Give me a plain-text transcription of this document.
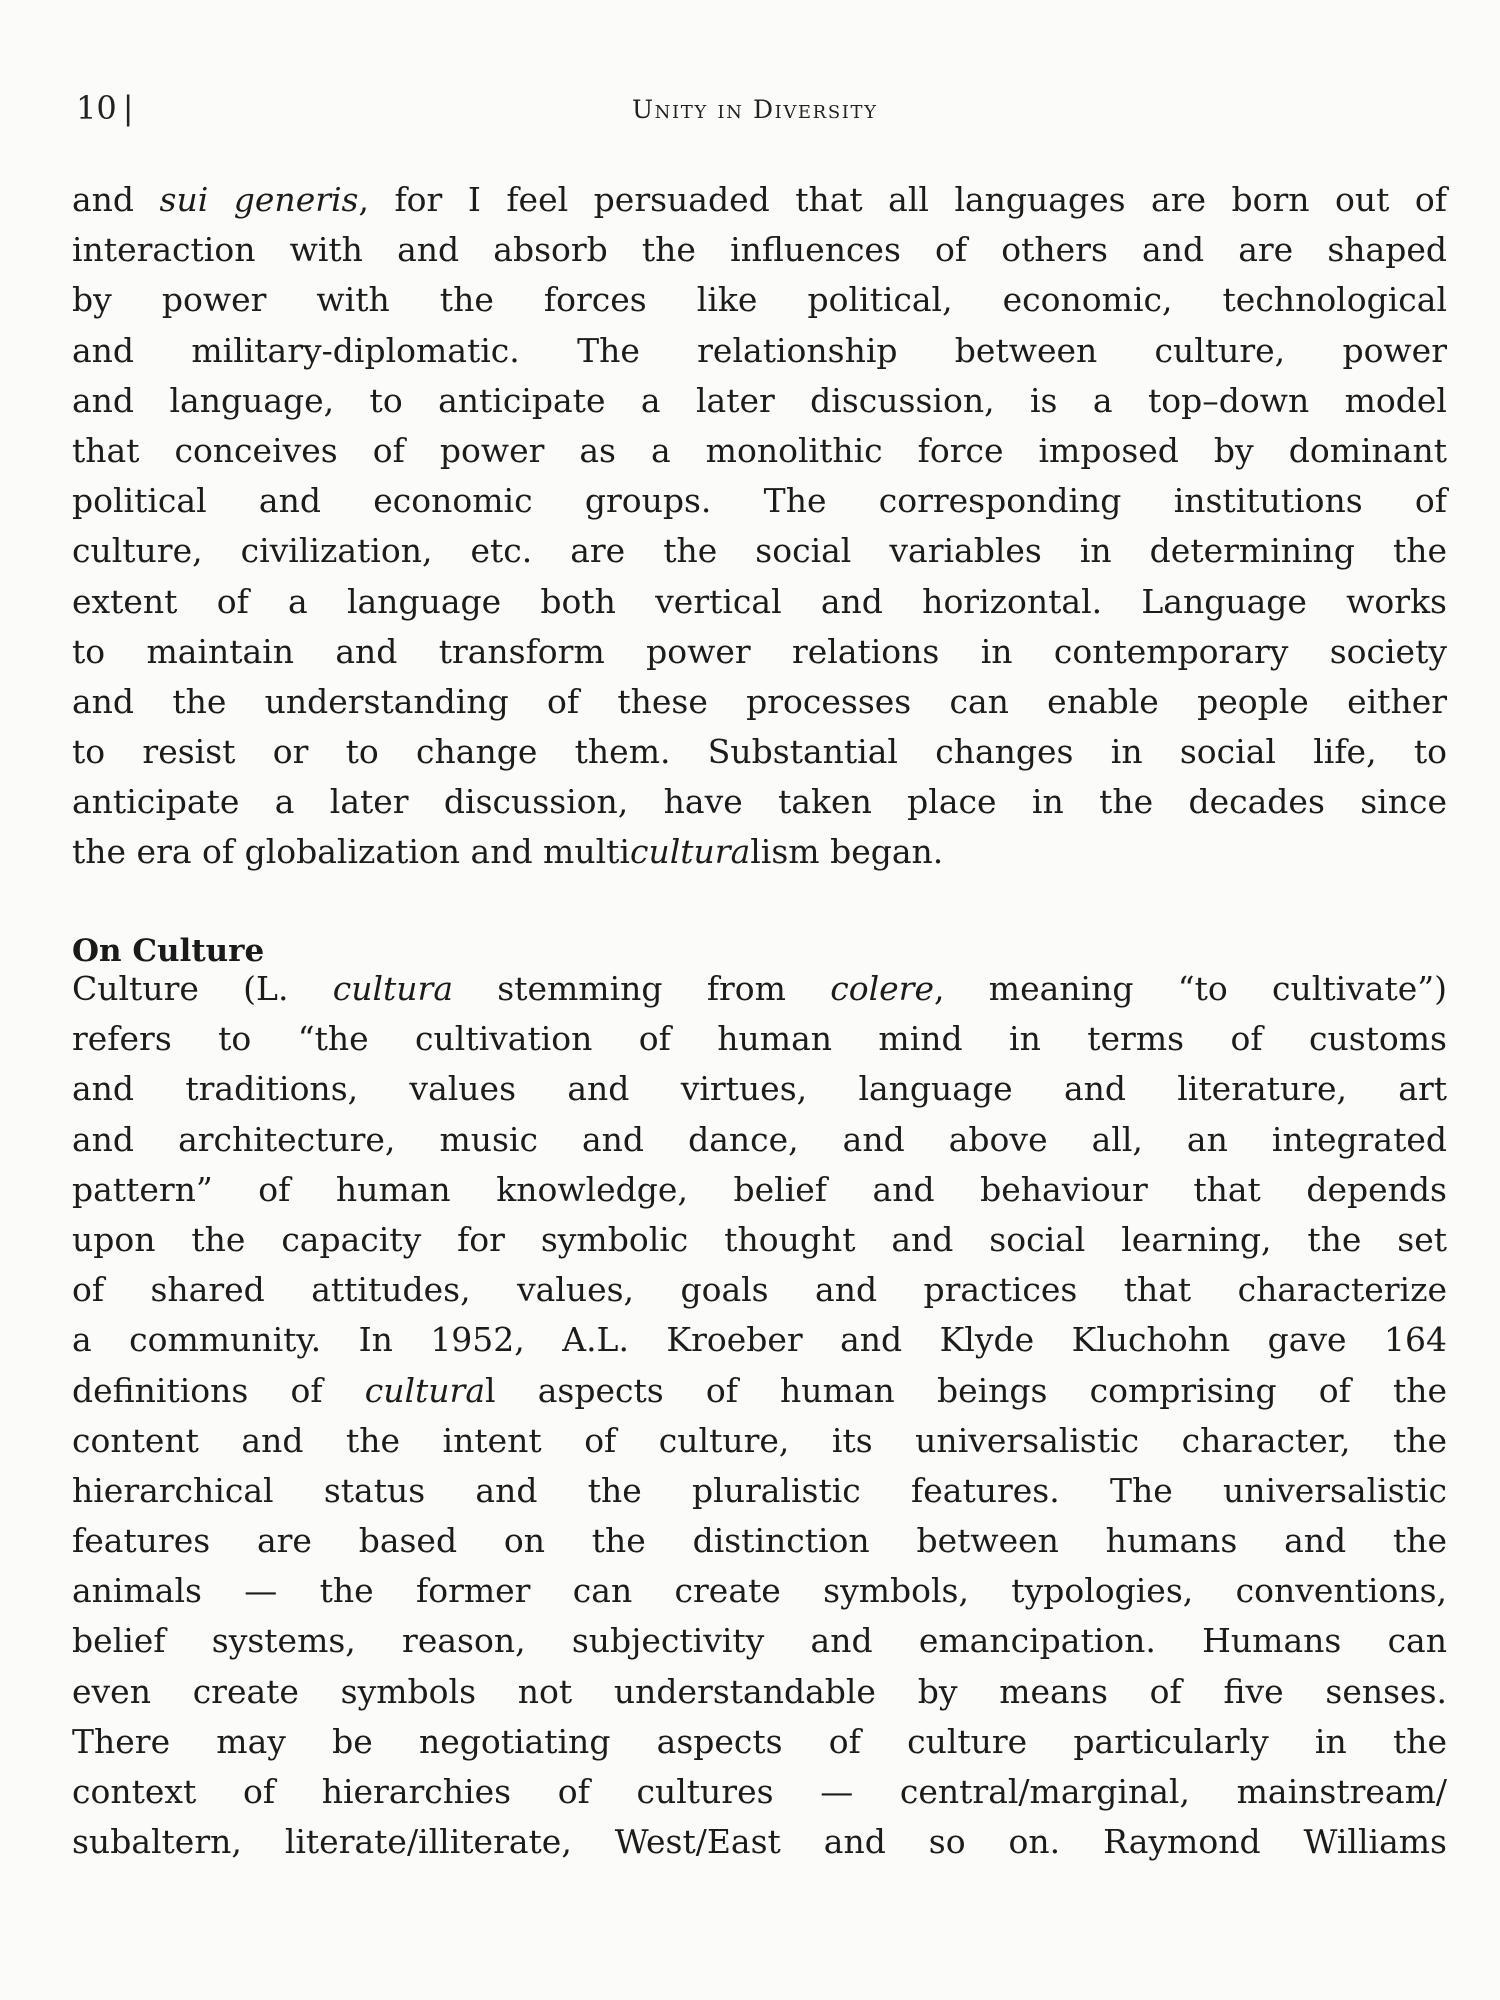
10 |	Unity in Diversity
and sui generis, for I feel persuaded that all languages are born out of
interaction with and absorb the influences of others and are shaped
by power with the forces like political, economic, technological
and military-diplomatic. The relationship between culture, power
and language, to anticipate a later discussion, is a top–down model
that conceives of power as a monolithic force imposed by dominant
political and economic groups. The corresponding institutions of
culture, civilization, etc. are the social variables in determining the
extent of a language both vertical and horizontal. Language works
to maintain and transform power relations in contemporary society
and the understanding of these processes can enable people either
to resist or to change them. Substantial changes in social life, to
anticipate a later discussion, have taken place in the decades since
the era of globalization and multiculturalism began.
On Culture
Culture (L. cultura stemming from colere, meaning “to cultivate”)
refers to “the cultivation of human mind in terms of customs
and traditions, values and virtues, language and literature, art
and architecture, music and dance, and above all, an integrated
pattern” of human knowledge, belief and behaviour that depends
upon the capacity for symbolic thought and social learning, the set
of shared attitudes, values, goals and practices that characterize
a community. In 1952, A.L. Kroeber and Klyde Kluchohn gave 164
definitions of cultural aspects of human beings comprising of the
content and the intent of culture, its universalistic character, the
hierarchical status and the pluralistic features. The universalistic
features are based on the distinction between humans and the
animals — the former can create symbols, typologies, conventions,
belief systems, reason, subjectivity and emancipation. Humans can
even create symbols not understandable by means of five senses.
There may be negotiating aspects of culture particularly in the
context of hierarchies of cultures — central/marginal, mainstream/
subaltern, literate/illiterate, West/East and so on. Raymond Williams
